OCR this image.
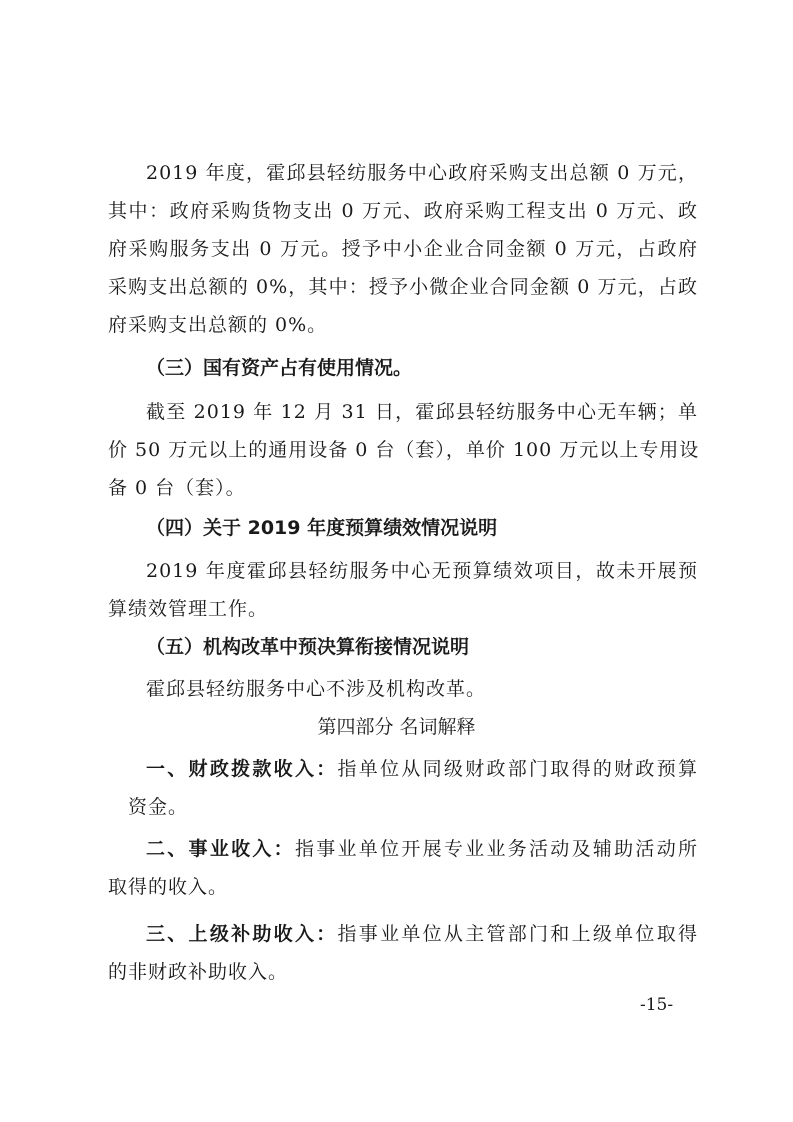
2019 年度，霍邱县轻纺服务中心政府采购支出总额 0 万元，
其中：政府采购货物支出 0 万元、政府采购工程支出 0 万元、政
府采购服务支出 0 万元。授予中小企业合同金额 0 万元，占政府
采购支出总额的 0%，其中：授予小微企业合同金额 0 万元，占政
府采购支出总额的 0%。
（三）国有资产占有使用情况。
截至 2019 年 12 月 31 日，霍邱县轻纺服务中心无车辆；单
价 50 万元以上的通用设备 0 台（套），单价 100 万元以上专用设
备 0 台（套）。
（四）关于 2019 年度预算绩效情况说明
2019 年度霍邱县轻纺服务中心无预算绩效项目，故未开展预
算绩效管理工作。
（五）机构改革中预决算衔接情况说明
霍邱县轻纺服务中心不涉及机构改革。
第四部分 名词解释
一、财政拨款收入：指单位从同级财政部门取得的财政预算
资金。
二、事业收入：指事业单位开展专业业务活动及辅助活动所
取得的收入。
三、上级补助收入：指事业单位从主管部门和上级单位取得
的非财政补助收入。
-15-
